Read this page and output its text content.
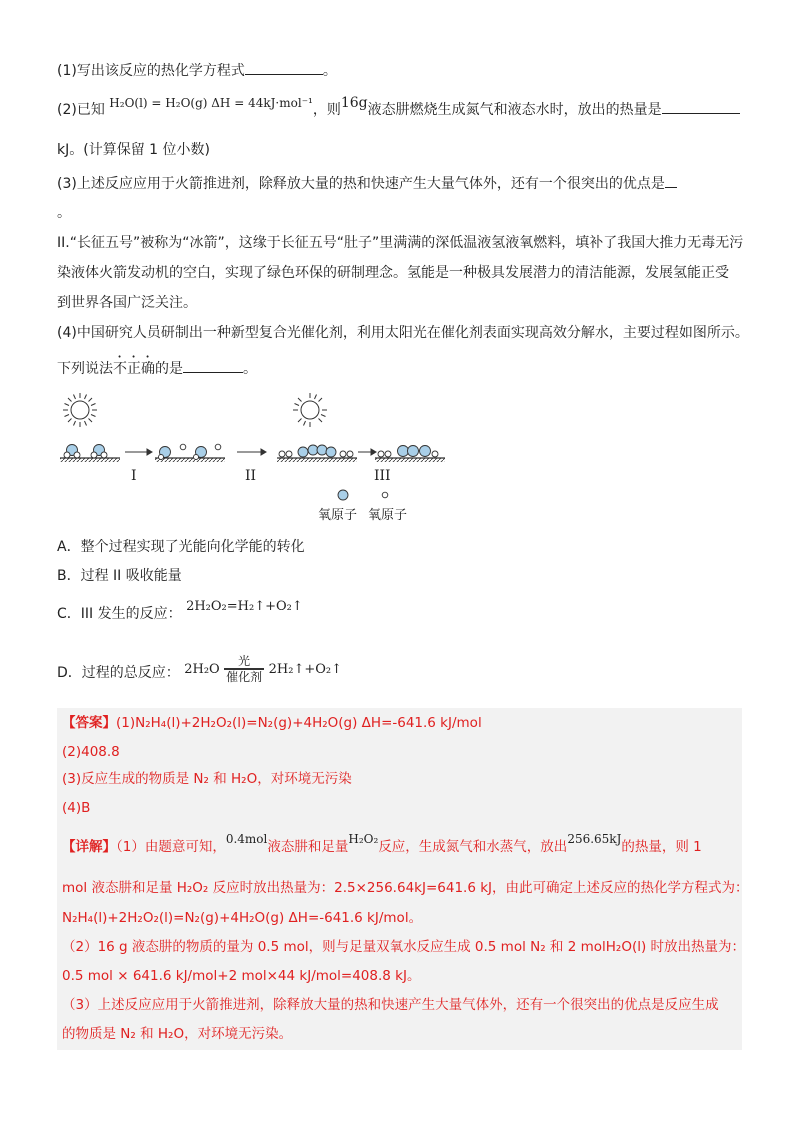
(1)写出该反应的热化学方程式	。
(2)已知 H₂O(l) = H₂O(g) ΔH = 44kJ·mol⁻¹，则16g液态肼燃烧生成氮气和液态水时，放出的热量是
kJ。(计算保留 1 位小数)
(3)上述反应应用于火箭推进剂，除释放大量的热和快速产生大量气体外，还有一个很突出的优点是
。
II.“长征五号”被称为“冰箭”，这缘于长征五号“肚子”里满满的深低温液氢液氧燃料，填补了我国大推力无毒无污
染液体火箭发动机的空白，实现了绿色环保的研制理念。氢能是一种极具发展潜力的清洁能源，发展氢能正受
到世界各国广泛关注。
(4)中国研究人员研制出一种新型复合光催化剂，利用太阳光在催化剂表面实现高效分解水，主要过程如图所示。
下列说法不正确的是	。
I	II	III
氧原子 氧原子
A．整个过程实现了光能向化学能的转化
B．过程 II 吸收能量
C．III 发生的反应： 2H₂O₂=H₂↑+O₂↑
D．过程的总反应： 2H₂O
光
催化剂 2H₂↑+O₂↑
【答案】(1)N₂H₄(l)+2H₂O₂(l)=N₂(g)+4H₂O(g) ΔH=-641.6 kJ/mol
(2)408.8
(3)反应生成的物质是 N₂ 和 H₂O，对环境无污染
(4)B
【详解】（1）由题意可知，0.4mol液态肼和足量H₂O₂反应，生成氮气和水蒸气，放出256.65kJ的热量，则 1
mol 液态肼和足量 H₂O₂ 反应时放出热量为：2.5×256.64kJ=641.6 kJ，由此可确定上述反应的热化学方程式为：
N₂H₄(l)+2H₂O₂(l)=N₂(g)+4H₂O(g) ΔH=-641.6 kJ/mol。
（2）16 g 液态肼的物质的量为 0.5 mol，则与足量双氧水反应生成 0.5 mol N₂ 和 2 molH₂O(l) 时放出热量为：
0.5 mol × 641.6 kJ/mol+2 mol×44 kJ/mol=408.8 kJ。
（3）上述反应应用于火箭推进剂，除释放大量的热和快速产生大量气体外，还有一个很突出的优点是反应生成
的物质是 N₂ 和 H₂O，对环境无污染。
